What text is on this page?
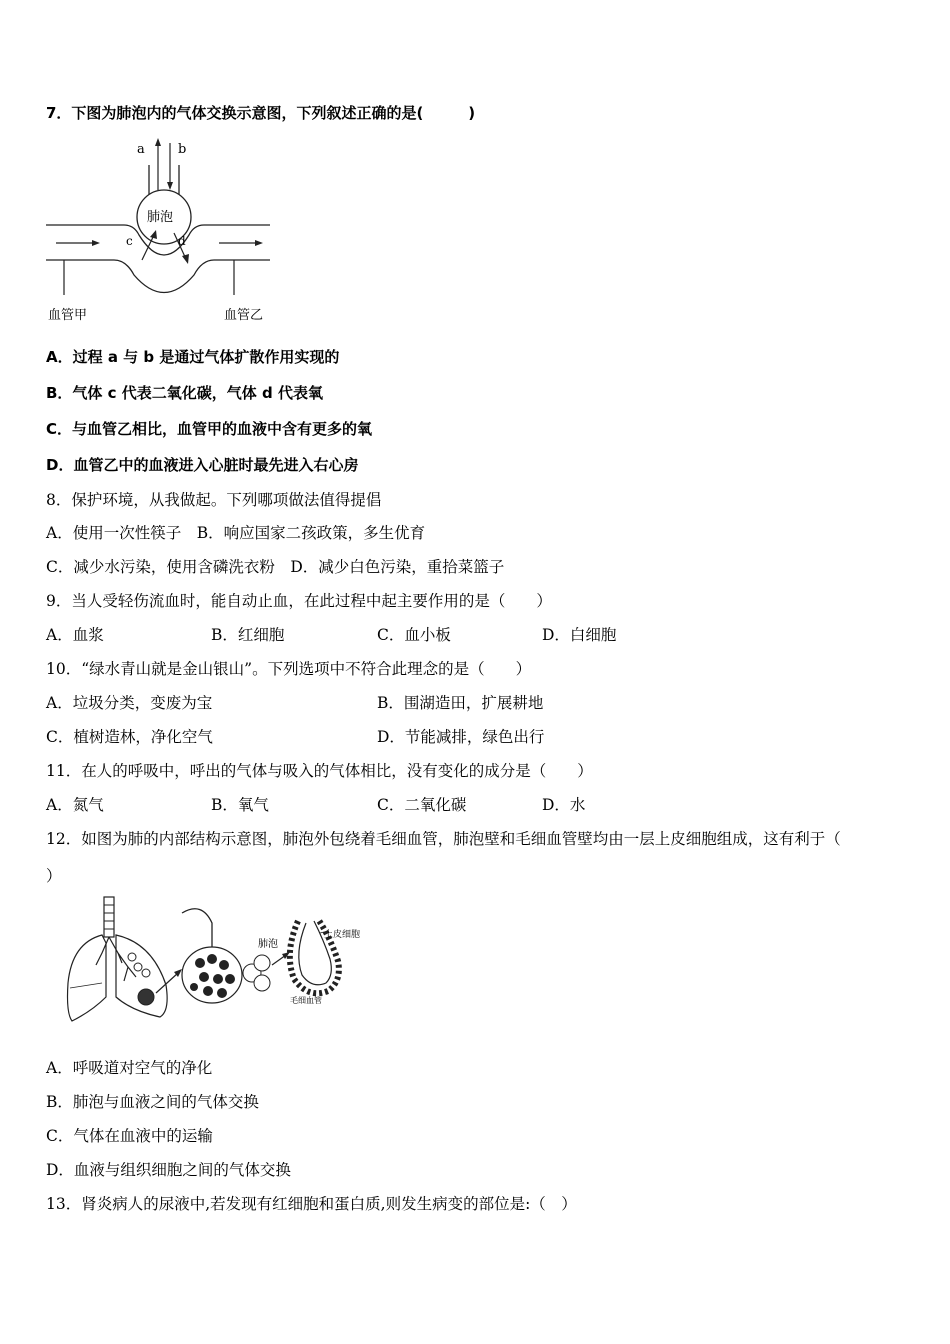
7．下图为肺泡内的气体交换示意图，下列叙述正确的是(　　　)
a	b
肺泡
c	d
血管甲	血管乙
A．过程 a 与 b 是通过气体扩散作用实现的
B．气体 c 代表二氧化碳，气体 d 代表氧
C．与血管乙相比，血管甲的血液中含有更多的氧
D．血管乙中的血液进入心脏时最先进入右心房
8．保护环境，从我做起。下列哪项做法值得提倡
A．使用一次性筷子　B．响应国家二孩政策，多生优育
C．减少水污染，使用含磷洗衣粉　D．减少白色污染，重拾菜篮子
9．当人受轻伤流血时，能自动止血，在此过程中起主要作用的是（　　）
A．血浆	B．红细胞	C．血小板	D．白细胞
10．“绿水青山就是金山银山”。下列选项中不符合此理念的是（　　）
A．垃圾分类，变废为宝	B．围湖造田，扩展耕地
C．植树造林，净化空气	D．节能减排，绿色出行
11．在人的呼吸中，呼出的气体与吸入的气体相比，没有变化的成分是（　　）
A．氮气	B．氧气	C．二氧化碳	D．水
12．如图为肺的内部结构示意图，肺泡外包绕着毛细血管，肺泡壁和毛细血管壁均由一层上皮细胞组成，这有利于（
）
肺泡
上皮细胞
毛细血管
A．呼吸道对空气的净化
B．肺泡与血液之间的气体交换
C．气体在血液中的运输
D．血液与组织细胞之间的气体交换
13．肾炎病人的尿液中,若发现有红细胞和蛋白质,则发生病变的部位是:（　）
